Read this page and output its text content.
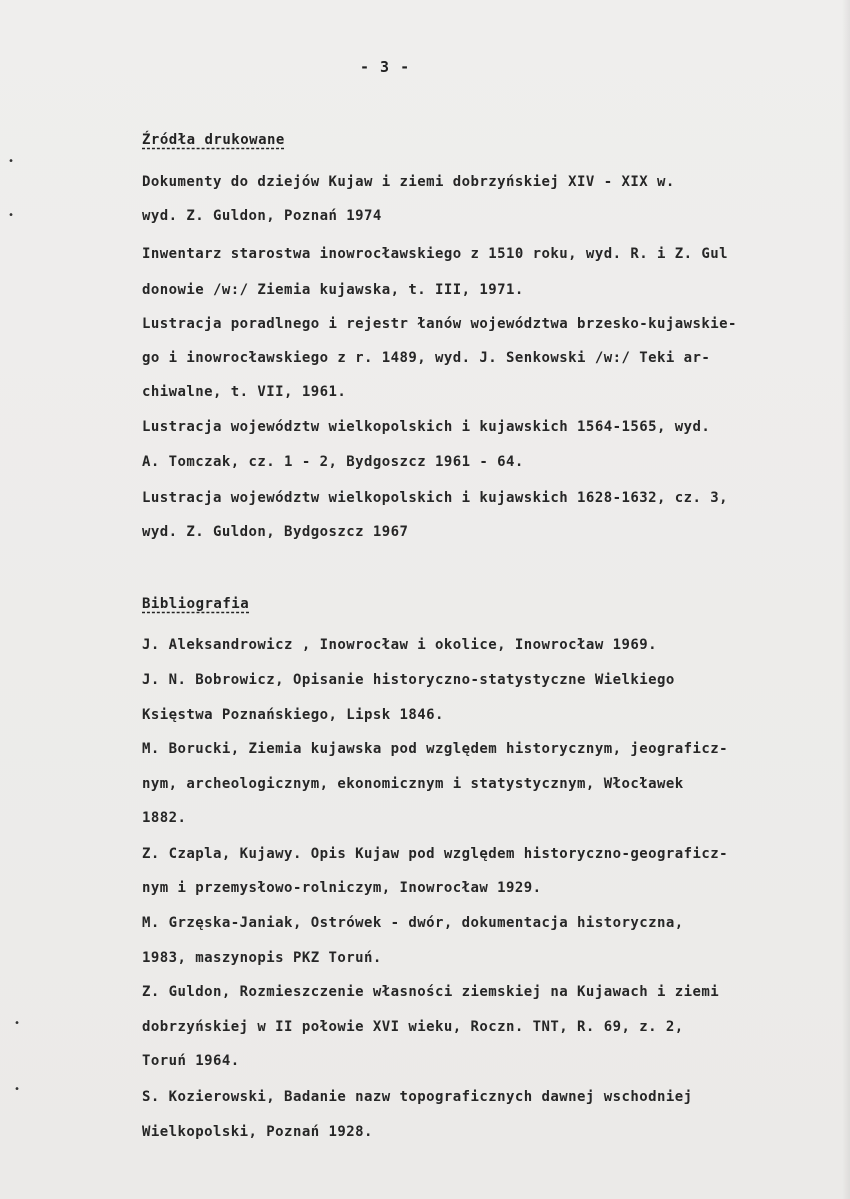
- 3 -
•
•
•
•
Źródła drukowane
Dokumenty do dziejów Kujaw i ziemi dobrzyńskiej XIV - XIX w.
wyd. Z. Guldon, Poznań 1974
Inwentarz starostwa inowrocławskiego z 1510 roku, wyd. R. i Z. Gul
donowie /w:/ Ziemia kujawska, t. III, 1971.
Lustracja poradlnego i rejestr łanów województwa brzesko-kujawskie-
go i inowrocławskiego z r. 1489, wyd. J. Senkowski /w:/ Teki ar-
chiwalne, t. VII, 1961.
Lustracja województw wielkopolskich i kujawskich 1564-1565, wyd.
A. Tomczak, cz. 1 - 2, Bydgoszcz 1961 - 64.
Lustracja województw wielkopolskich i kujawskich 1628-1632, cz. 3,
wyd. Z. Guldon, Bydgoszcz 1967
Bibliografia
J. Aleksandrowicz , Inowrocław i okolice, Inowrocław 1969.
J. N. Bobrowicz, Opisanie historyczno-statystyczne Wielkiego
Księstwa Poznańskiego, Lipsk 1846.
M. Borucki, Ziemia kujawska pod względem historycznym, jeograficz-
nym, archeologicznym, ekonomicznym i statystycznym, Włocławek
1882.
Z. Czapla, Kujawy. Opis Kujaw pod względem historyczno-geograficz-
nym i przemysłowo-rolniczym, Inowrocław 1929.
M. Grzęska-Janiak, Ostrówek - dwór, dokumentacja historyczna,
1983, maszynopis PKZ Toruń.
Z. Guldon, Rozmieszczenie własności ziemskiej na Kujawach i ziemi
dobrzyńskiej w II połowie XVI wieku, Roczn. TNT, R. 69, z. 2,
Toruń 1964.
S. Kozierowski, Badanie nazw topograficznych dawnej wschodniej
Wielkopolski, Poznań 1928.
